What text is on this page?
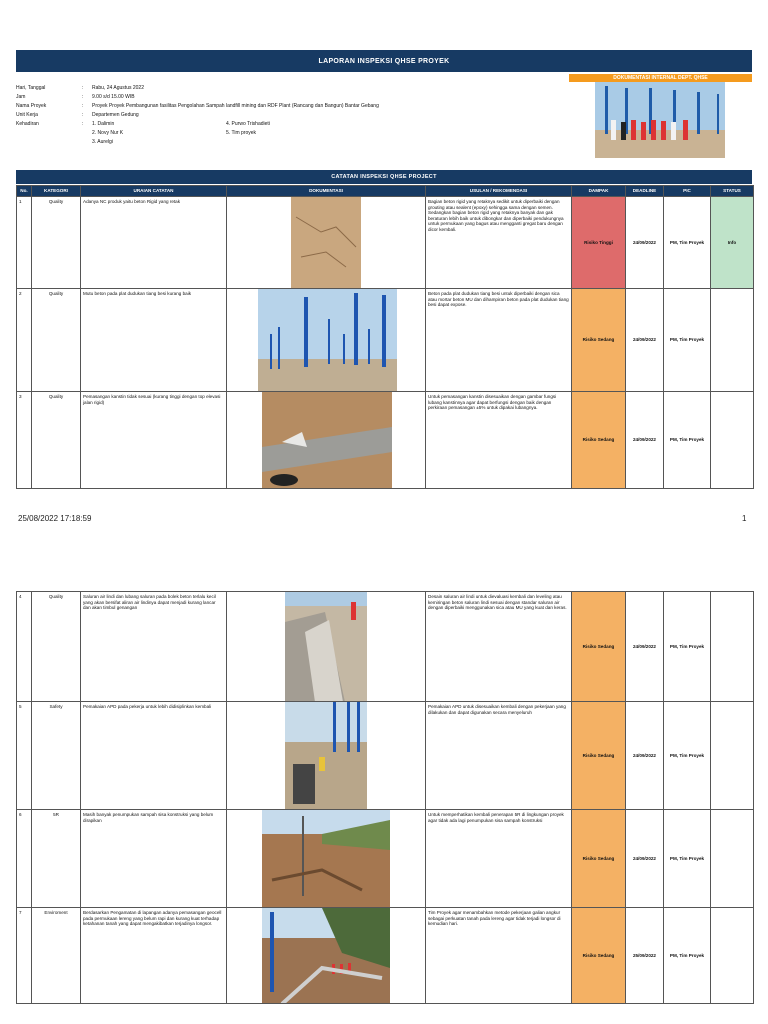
LAPORAN INSPEKSI QHSE PROYEK
DOKUMENTASI INTERNAL DEPT. QHSE
Hari, Tanggal	: Rabu, 24 Agustus 2022
Jam	: 9.00 s/d 15.00 WIB
Nama Proyek	: Proyek Proyek Pembangunan fasilitas Pengolahan Sampah landfill mining dan RDF Plant (Rancang dan Bangun) Bantar Gebang
Unit Kerja	: Departemen Gedung
Kehadiran	: 1. Dalimin
2. Novy Nur K
3. Aurelgi
4. Purwo Trishadieti
5. Tim proyek
CATATAN INSPEKSI QHSE PROJECT
No.	KATEGORI	URAIAN CATATAN	DOKUMENTASI	USULAN / REKOMENDASI	DAMPAK	DEADLINE	PIC	STATUS
1	Quality	Adanya NC produk yaitu beton Rigid yang retak		Bagian beton rigid yang retaknya sedikit untuk diperbaiki dengan grouting atau sealent (epoxy) sehingga sama dengan semen. Sedangkan bagian beton rigid yang retaknya banyak dan gak beraturan lebih baik untuk dibongkar dan diperbaiki pendukungnya untuk permukaan yang bagus atau mengganti gregat baru dengan dicor kembali.	Risiko Tinggi	24/09/2022	PM, Tim Proyek	Info
2	Quality	Mutu beton pada plat dudukan tiang besi kurang baik		Beton pada plat dudukan tiang besi untuk diperbaiki dengan sica atau mortar beton MU dan dihampiran beton pada plat dudukan tiang besi dapat expose.	Risiko Sedang	24/09/2022	PM, Tim Proyek	
3	Quality	Pemasangan kanstin tidak sesuai (kurang tinggi dengan top elevasi jalan rigid)		Untuk pemasangan kanstin disesuaikan dengan gambar fungsi lubang kanstinnya agar dapat berfungsi dengan baik dengan perkiraan pemasangan ±5% untuk dipakai lubangnya.	Risiko Sedang	24/09/2022	PM, Tim Proyek	
25/08/2022 17:18:59	1
4	Quality	Saluran air lindi dan lubang saluran pada bolek beton terlalu kecil yang akan bersifat aliran air lindinya dapat menjadi kurang lancar dan akan timbul genangan		Desain saluran air lindi untuk dievaluasi kembali dan leveling atau kemiringan beton saluran lindi sesuai dengan standar saluran air dengan diperbaiki menggunakan sica atau MU yang kuat dan keras.	Risiko Sedang	24/09/2022	PM, Tim Proyek	
5	Safety	Pemakaian APD pada pekerja untuk lebih didisiplinkan kembali		Pemakaian APD untuk disesuaikan kembali dengan pekerjaan yang dilakukan dan dapat digunakan secara menyeluruh	Risiko Sedang	24/09/2022	PM, Tim Proyek	
6	5R	Masih banyak penumpukan sampah sisa konstruksi yang belum dirapikan		Untuk memperhatikan kembali penerapan 5R di lingkungan proyek agar tidak ada lagi penumpukan sisa sampah konstruksi	Risiko Sedang	24/09/2022	PM, Tim Proyek	
7	Enviroment	Berdasarkan Pengamatan di lapangan adanya pemasangan geocell pada permukaan lereng yang belum rapi dan kurang kuat terhadap ketahanan tanah yang dapat mengakibatkan terjadinya longsor.		Tim Proyek agar menambahkan metode pekerjaan galian angkur sebagai perkuatan tanah pada lereng agar tidak terjadi longsor di kemudian hari.	Risiko Sedang	25/09/2022	PM, Tim Proyek	
